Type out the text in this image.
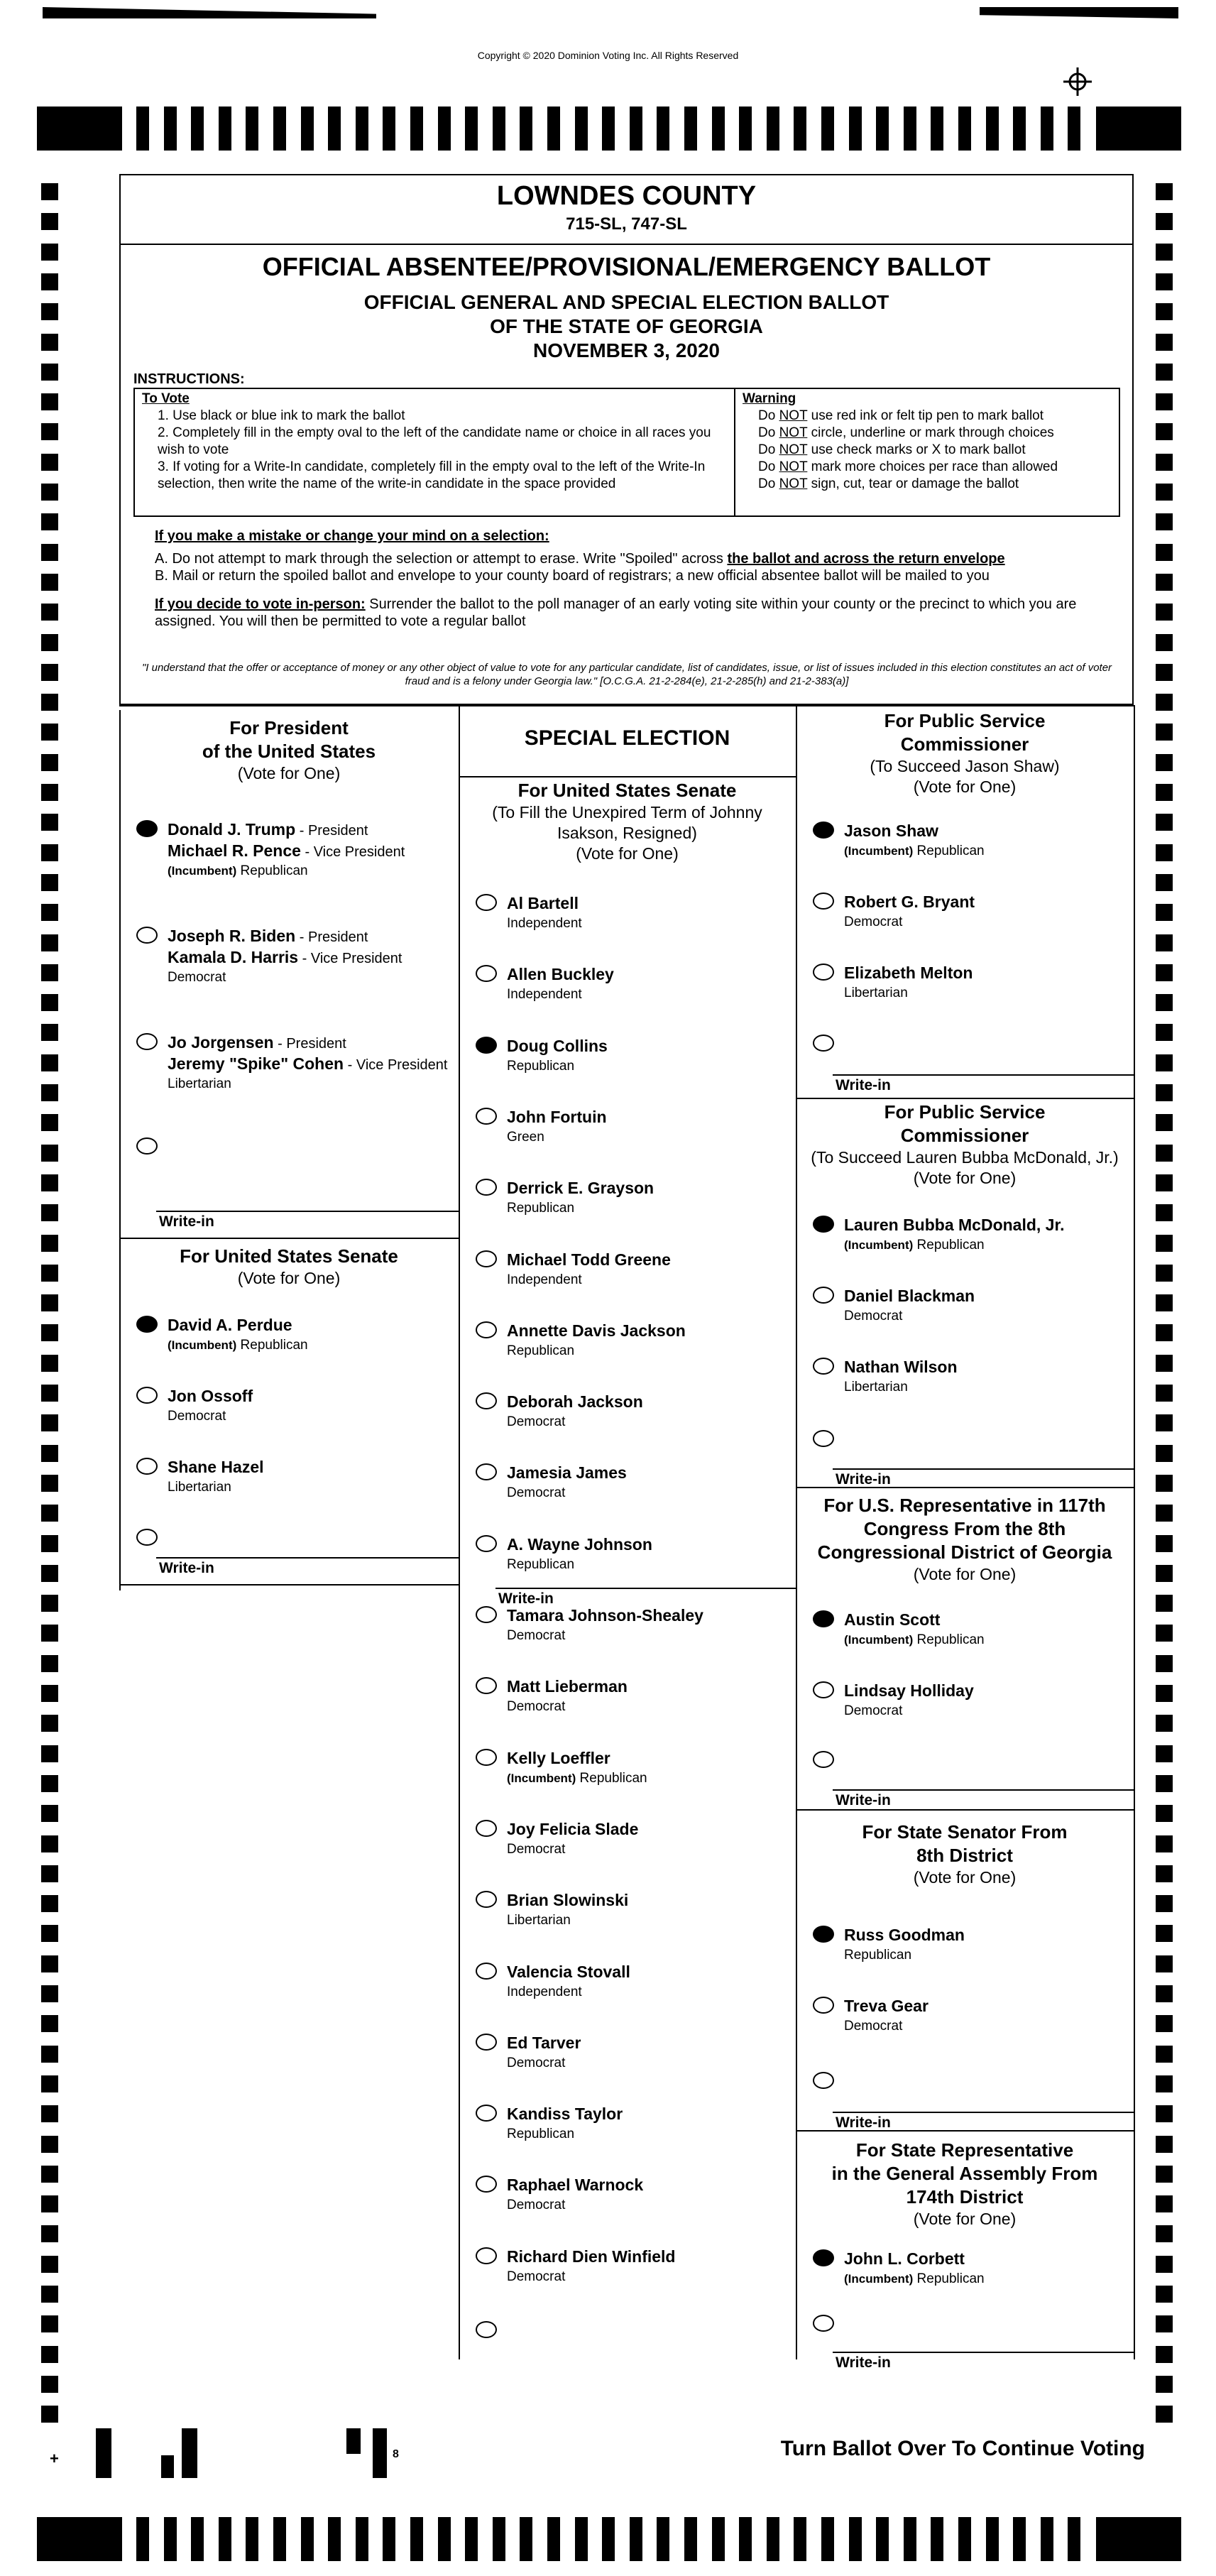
Copyright © 2020 Dominion Voting Inc. All Rights Reserved
LOWNDES COUNTY
715-SL, 747-SL
OFFICIAL ABSENTEE/PROVISIONAL/EMERGENCY BALLOT
OFFICIAL GENERAL AND SPECIAL ELECTION BALLOT
OF THE STATE OF GEORGIA
NOVEMBER 3, 2020
INSTRUCTIONS:
To Vote
1. Use black or blue ink to mark the ballot
2. Completely fill in the empty oval to the left of the candidate name or choice in all races you wish to vote
3. If voting for a Write-In candidate, completely fill in the empty oval to the left of the Write-In selection, then write the name of the write-in candidate in the space provided
Warning
Do NOT use red ink or felt tip pen to mark ballot
Do NOT circle, underline or mark through choices
Do NOT use check marks or X to mark ballot
Do NOT mark more choices per race than allowed
Do NOT sign, cut, tear or damage the ballot
If you make a mistake or change your mind on a selection:
A. Do not attempt to mark through the selection or attempt to erase. Write "Spoiled" across the ballot and across the return envelope
B. Mail or return the spoiled ballot and envelope to your county board of registrars; a new official absentee ballot will be mailed to you
If you decide to vote in-person: Surrender the ballot to the poll manager of an early voting site within your county or the precinct to which you are assigned. You will then be permitted to vote a regular ballot
"I understand that the offer or acceptance of money or any other object of value to vote for any particular candidate, list of candidates, issue, or list of issues included in this election constitutes an act of voter fraud and is a felony under Georgia law." [O.C.G.A. 21-2-284(e), 21-2-285(h) and 21-2-383(a)]
For President
of the United States
(Vote for One)
Donald J. Trump - President
Michael R. Pence - Vice President
(Incumbent) Republican
Joseph R. Biden - President
Kamala D. Harris - Vice President
Democrat
Jo Jorgensen - President
Jeremy "Spike" Cohen - Vice President
Libertarian
Write-in
For United States Senate
(Vote for One)
David A. Perdue
(Incumbent) Republican
Jon Ossoff
Democrat
Shane Hazel
Libertarian
Write-in
SPECIAL ELECTION
For United States Senate
(To Fill the Unexpired Term of Johnny
Isakson, Resigned)
(Vote for One)
Al Bartell
Independent
Allen Buckley
Independent
Doug Collins
Republican
John Fortuin
Green
Derrick E. Grayson
Republican
Michael Todd Greene
Independent
Annette Davis Jackson
Republican
Deborah Jackson
Democrat
Jamesia James
Democrat
A. Wayne Johnson
Republican
Tamara Johnson-Shealey
Democrat
Matt Lieberman
Democrat
Kelly Loeffler
(Incumbent) Republican
Joy Felicia Slade
Democrat
Brian Slowinski
Libertarian
Valencia Stovall
Independent
Ed Tarver
Democrat
Kandiss Taylor
Republican
Raphael Warnock
Democrat
Richard Dien Winfield
Democrat
Write-in
For Public Service
Commissioner
(To Succeed Jason Shaw)
(Vote for One)
Jason Shaw
(Incumbent) Republican
Robert G. Bryant
Democrat
Elizabeth Melton
Libertarian
Write-in
For Public Service
Commissioner
(To Succeed Lauren Bubba McDonald, Jr.)
(Vote for One)
Lauren Bubba McDonald, Jr.
(Incumbent) Republican
Daniel Blackman
Democrat
Nathan Wilson
Libertarian
Write-in
For U.S. Representative in 117th
Congress From the 8th
Congressional District of Georgia
(Vote for One)
Austin Scott
(Incumbent) Republican
Lindsay Holliday
Democrat
Write-in
For State Senator From
8th District
(Vote for One)
Russ Goodman
Republican
Treva Gear
Democrat
Write-in
For State Representative
in the General Assembly From
174th District
(Vote for One)
John L. Corbett
(Incumbent) Republican
Write-in
Turn Ballot Over To Continue Voting
+	8
